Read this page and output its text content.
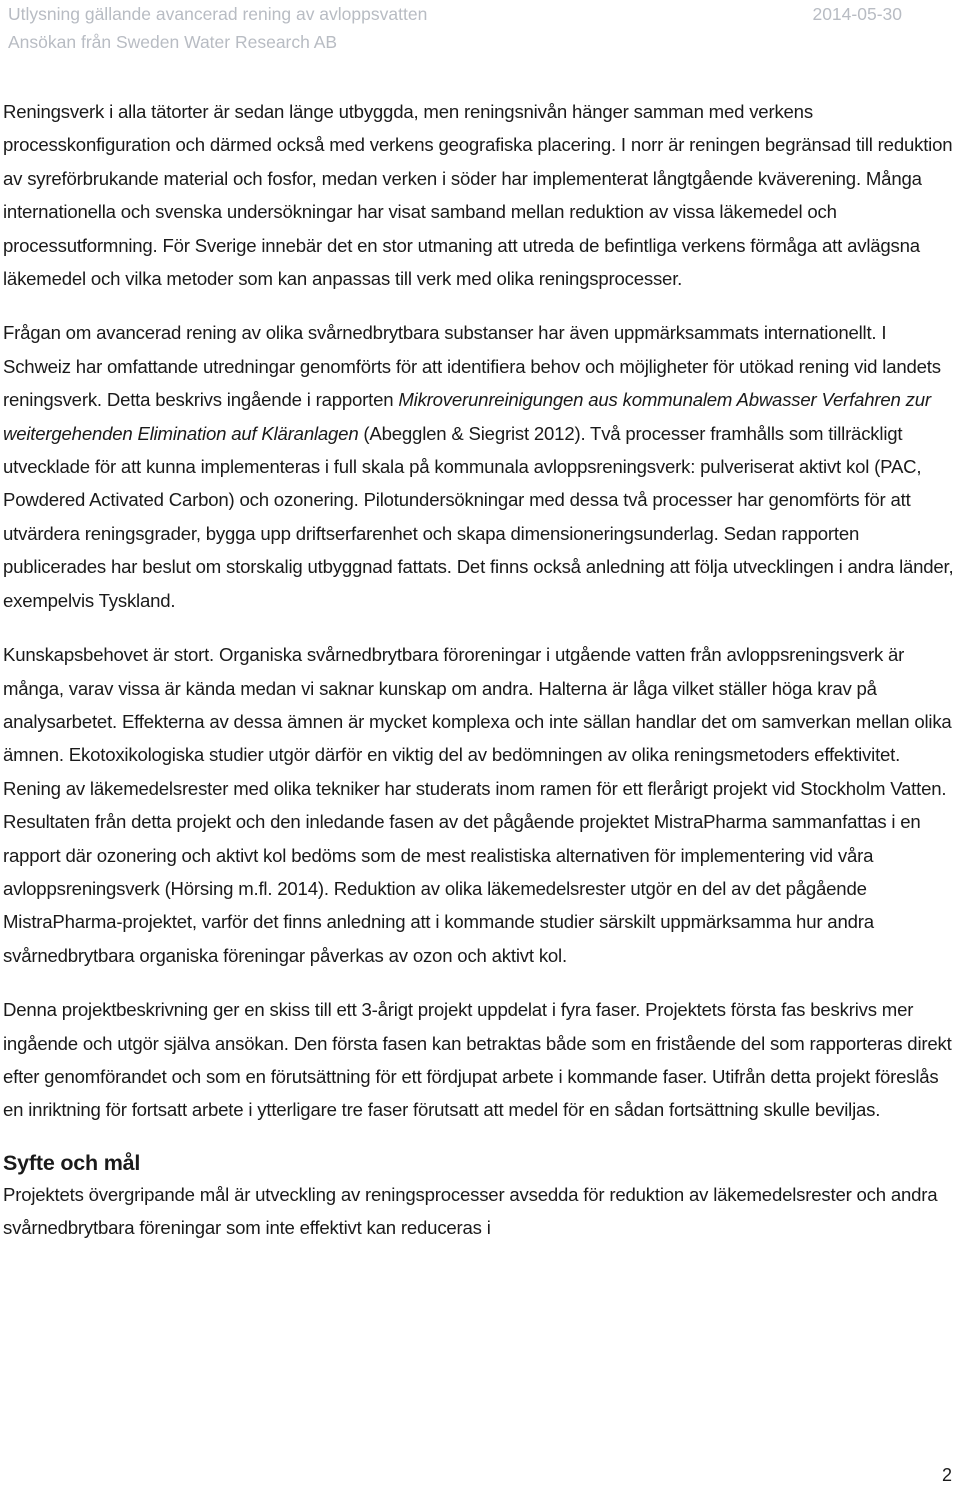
Utlysning gällande avancerad rening av avloppsvatten	2014-05-30
Ansökan från Sweden Water Research AB

Reningsverk i alla tätorter är sedan länge utbyggda, men reningsnivån hänger samman med verkens processkonfiguration och därmed också med verkens geografiska placering. I norr är reningen begränsad till reduktion av syreförbrukande material och fosfor, medan verken i söder har implementerat långtgående kväverening. Många internationella och svenska undersökningar har visat samband mellan reduktion av vissa läkemedel och processutformning. För Sverige innebär det en stor utmaning att utreda de befintliga verkens förmåga att avlägsna läkemedel och vilka metoder som kan anpassas till verk med olika reningsprocesser.

Frågan om avancerad rening av olika svårnedbrytbara substanser har även uppmärksammats internationellt. I Schweiz har omfattande utredningar genomförts för att identifiera behov och möjligheter för utökad rening vid landets reningsverk. Detta beskrivs ingående i rapporten Mikroverunreinigungen aus kommunalem Abwasser Verfahren zur weitergehenden Elimination auf Kläranlagen (Abegglen & Siegrist 2012). Två processer framhålls som tillräckligt utvecklade för att kunna implementeras i full skala på kommunala avloppsreningsverk: pulveriserat aktivt kol (PAC, Powdered Activated Carbon) och ozonering. Pilotundersökningar med dessa två processer har genomförts för att utvärdera reningsgrader, bygga upp driftserfarenhet och skapa dimensioneringsunderlag. Sedan rapporten publicerades har beslut om storskalig utbyggnad fattats. Det finns också anledning att följa utvecklingen i andra länder, exempelvis Tyskland.

Kunskapsbehovet är stort. Organiska svårnedbrytbara föroreningar i utgående vatten från avloppsreningsverk är många, varav vissa är kända medan vi saknar kunskap om andra. Halterna är låga vilket ställer höga krav på analysarbetet. Effekterna av dessa ämnen är mycket komplexa och inte sällan handlar det om samverkan mellan olika ämnen. Ekotoxikologiska studier utgör därför en viktig del av bedömningen av olika reningsmetoders effektivitet. Rening av läkemedelsrester med olika tekniker har studerats inom ramen för ett flerårigt projekt vid Stockholm Vatten. Resultaten från detta projekt och den inledande fasen av det pågående projektet MistraPharma sammanfattas i en rapport där ozonering och aktivt kol bedöms som de mest realistiska alternativen för implementering vid våra avloppsreningsverk (Hörsing m.fl. 2014). Reduktion av olika läkemedelsrester utgör en del av det pågående MistraPharma-projektet, varför det finns anledning att i kommande studier särskilt uppmärksamma hur andra svårnedbrytbara organiska föreningar påverkas av ozon och aktivt kol.

Denna projektbeskrivning ger en skiss till ett 3-årigt projekt uppdelat i fyra faser. Projektets första fas beskrivs mer ingående och utgör själva ansökan. Den första fasen kan betraktas både som en fristående del som rapporteras direkt efter genomförandet och som en förutsättning för ett fördjupat arbete i kommande faser. Utifrån detta projekt föreslås en inriktning för fortsatt arbete i ytterligare tre faser förutsatt att medel för en sådan fortsättning skulle beviljas.

Syfte och mål

Projektets övergripande mål är utveckling av reningsprocesser avsedda för reduktion av läkemedelsrester och andra svårnedbrytbara föreningar som inte effektivt kan reduceras i

2
